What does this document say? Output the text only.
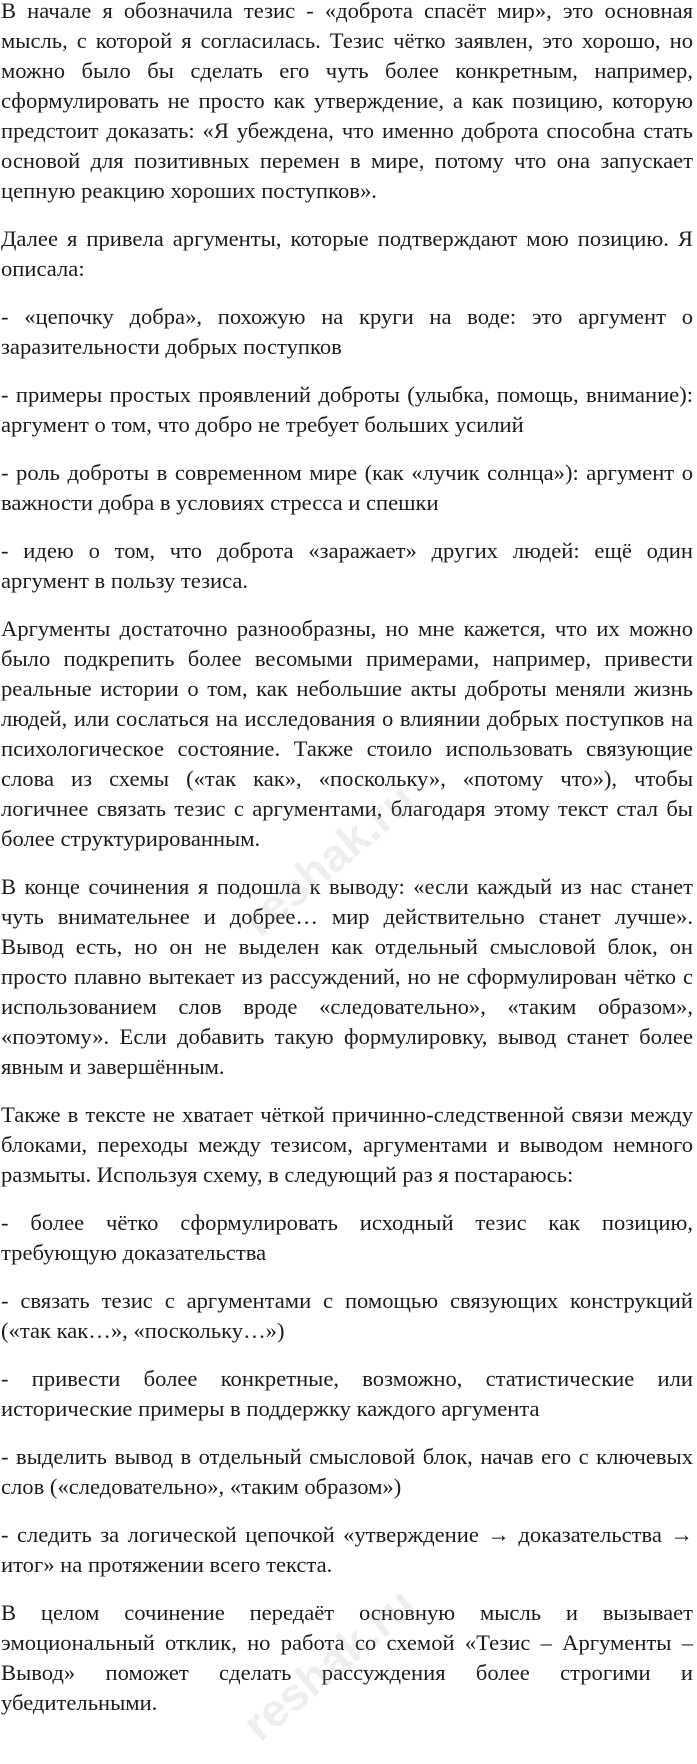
В начале я обозначила тезис - «доброта спасёт мир», это основная мысль, с которой я согласилась. Тезис чётко заявлен, это хорошо, но можно было бы сделать его чуть более конкретным, например, сформулировать не просто как утверждение, а как позицию, которую предстоит доказать: «Я убеждена, что именно доброта способна стать основой для позитивных перемен в мире, потому что она запускает цепную реакцию хороших поступков».

Далее я привела аргументы, которые подтверждают мою позицию. Я описала:

- «цепочку добра», похожую на круги на воде: это аргумент о заразительности добрых поступков

- примеры простых проявлений доброты (улыбка, помощь, внимание): аргумент о том, что добро не требует больших усилий

- роль доброты в современном мире (как «лучик солнца»): аргумент о важности добра в условиях стресса и спешки

- идею о том, что доброта «заражает» других людей: ещё один аргумент в пользу тезиса.

Аргументы достаточно разнообразны, но мне кажется, что их можно было подкрепить более весомыми примерами, например, привести реальные истории о том, как небольшие акты доброты меняли жизнь людей, или сослаться на исследования о влиянии добрых поступков на психологическое состояние. Также стоило использовать связующие слова из схемы («так как», «поскольку», «потому что»), чтобы логичнее связать тезис с аргументами, благодаря этому текст стал бы более структурированным.

В конце сочинения я подошла к выводу: «если каждый из нас станет чуть внимательнее и добрее… мир действительно станет лучше». Вывод есть, но он не выделен как отдельный смысловой блок, он просто плавно вытекает из рассуждений, но не сформулирован чётко с использованием слов вроде «следовательно», «таким образом», «поэтому». Если добавить такую формулировку, вывод станет более явным и завершённым.

Также в тексте не хватает чёткой причинно-следственной связи между блоками, переходы между тезисом, аргументами и выводом немного размыты. Используя схему, в следующий раз я постараюсь:

- более чётко сформулировать исходный тезис как позицию, требующую доказательства

- связать тезис с аргументами с помощью связующих конструкций («так как…», «поскольку…»)

- привести более конкретные, возможно, статистические или исторические примеры в поддержку каждого аргумента

- выделить вывод в отдельный смысловой блок, начав его с ключевых слов («следовательно», «таким образом»)

- следить за логической цепочкой «утверждение → доказательства → итог» на протяжении всего текста.

В целом сочинение передаёт основную мысль и вызывает эмоциональный отклик, но работа со схемой «Тезис – Аргументы – Вывод» поможет сделать рассуждения более строгими и убедительными.

reshak.ru
reshak.ru
